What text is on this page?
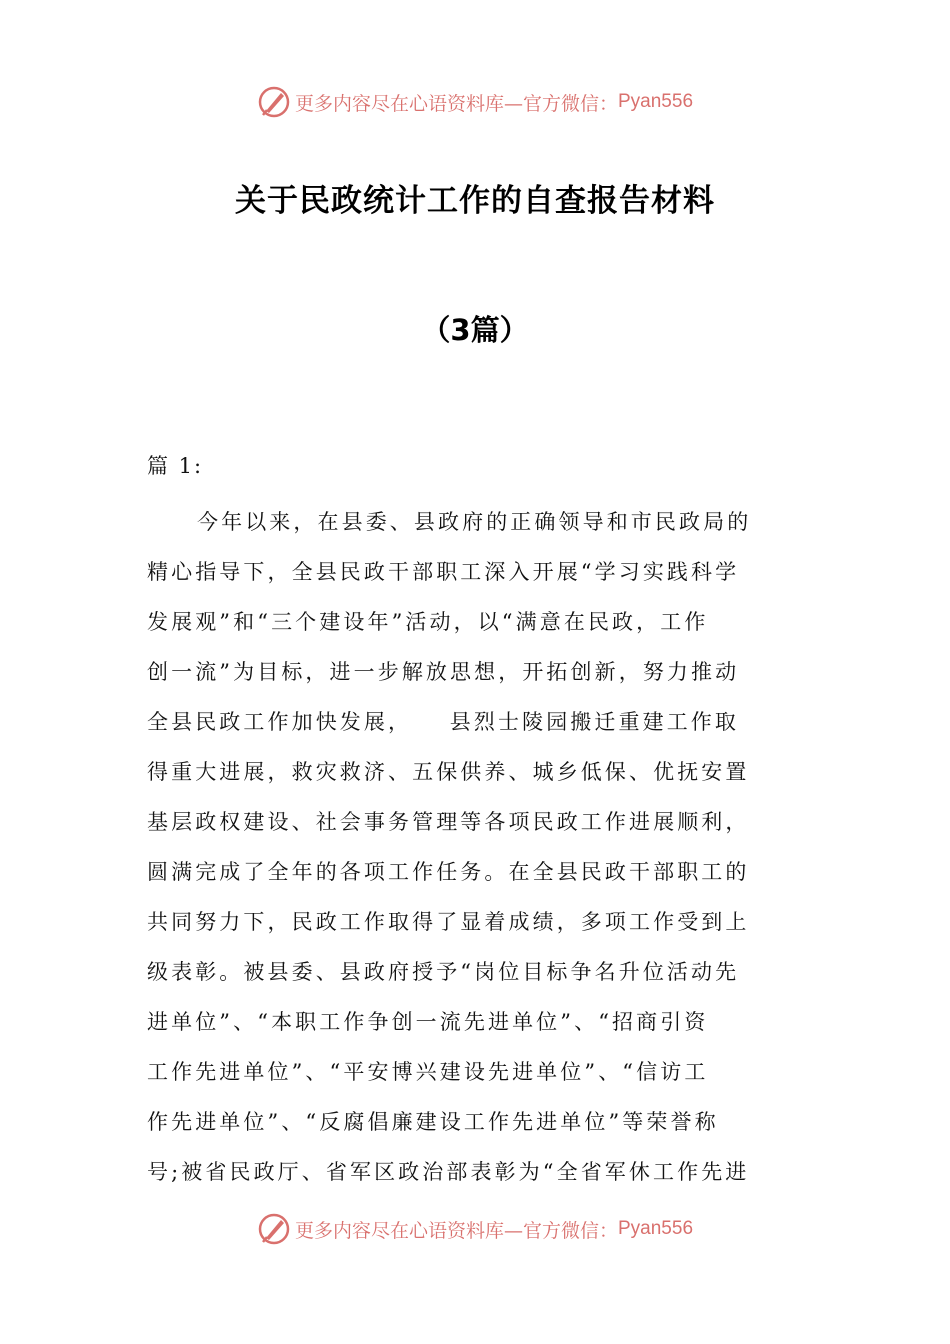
更多内容尽在心语资料库—官方微信： Pyan556
关于民政统计工作的自查报告材料
（3篇）
篇 1:
今年以来，在县委、县政府的正确领导和市民政局的
精心指导下，全县民政干部职工深入开展“学习实践科学
发展观”和“三个建设年”活动，以“满意在民政，工作
创一流”为目标，进一步解放思想，开拓创新，努力推动
全县民政工作加快发展，　　县烈士陵园搬迁重建工作取
得重大进展，救灾救济、五保供养、城乡低保、优抚安置
基层政权建设、社会事务管理等各项民政工作进展顺利，
圆满完成了全年的各项工作任务。在全县民政干部职工的
共同努力下，民政工作取得了显着成绩，多项工作受到上
级表彰。被县委、县政府授予“岗位目标争名升位活动先
进单位”、“本职工作争创一流先进单位”、“招商引资
工作先进单位”、“平安博兴建设先进单位”、“信访工
作先进单位”、“反腐倡廉建设工作先进单位”等荣誉称
号;被省民政厅、省军区政治部表彰为“全省军休工作先进
更多内容尽在心语资料库—官方微信： Pyan556
